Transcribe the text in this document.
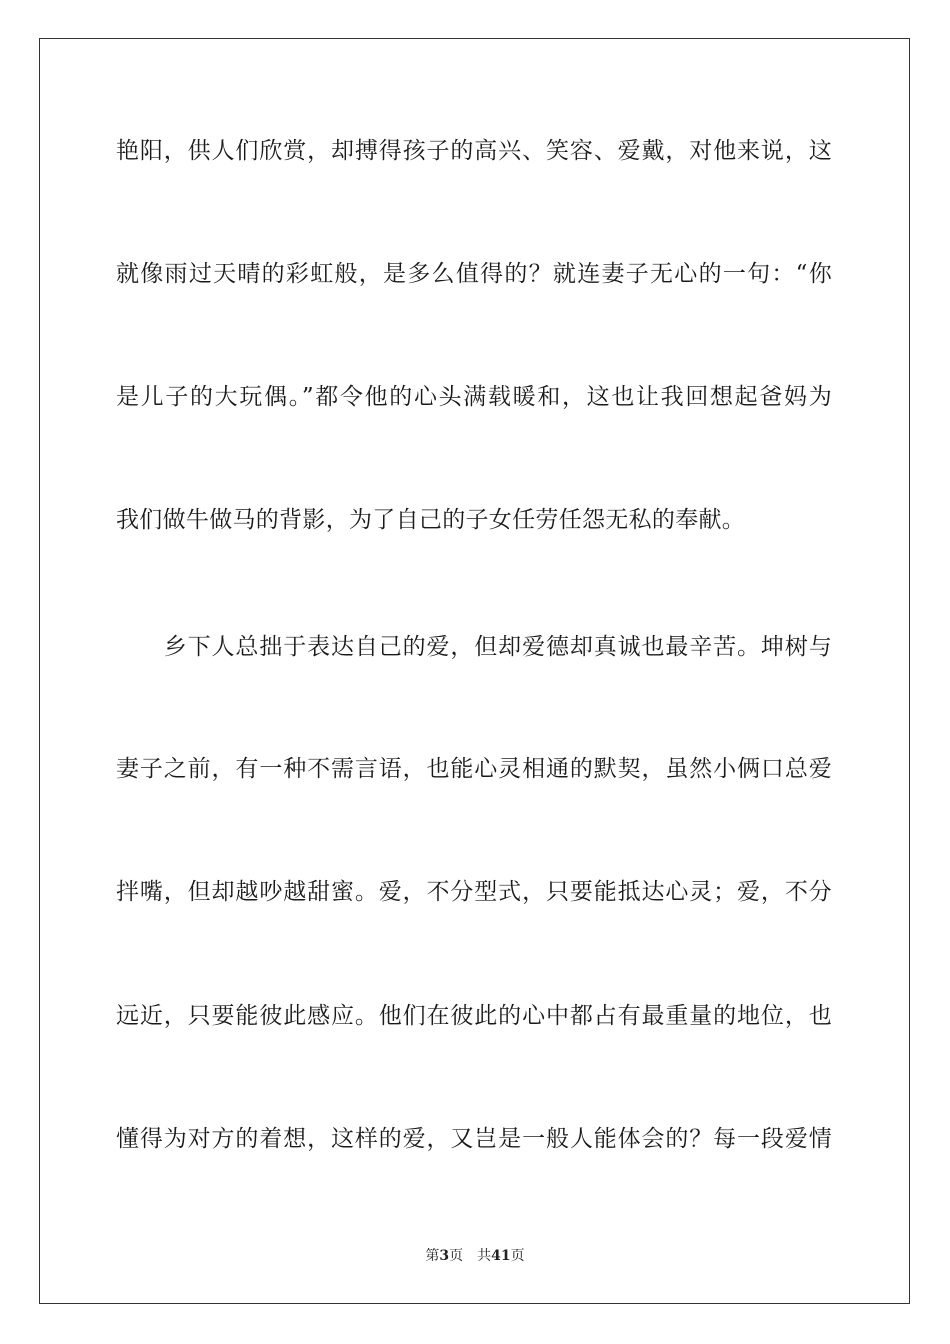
艳阳，供人们欣赏，却搏得孩子的高兴、笑容、爱戴，对他来说，这
就像雨过天晴的彩虹般，是多么值得的？就连妻子无心的一句：“你
是儿子的大玩偶。”都令他的心头满载暖和，这也让我回想起爸妈为
我们做牛做马的背影，为了自己的子女任劳任怨无私的奉献。
　　乡下人总拙于表达自己的爱，但却爱德却真诚也最辛苦。坤树与
妻子之前，有一种不需言语，也能心灵相通的默契，虽然小俩口总爱
拌嘴，但却越吵越甜蜜。爱，不分型式，只要能抵达心灵；爱，不分
远近，只要能彼此感应。他们在彼此的心中都占有最重量的地位，也
懂得为对方的着想，这样的爱，又岂是一般人能体会的？每一段爱情
第3页 共41页
